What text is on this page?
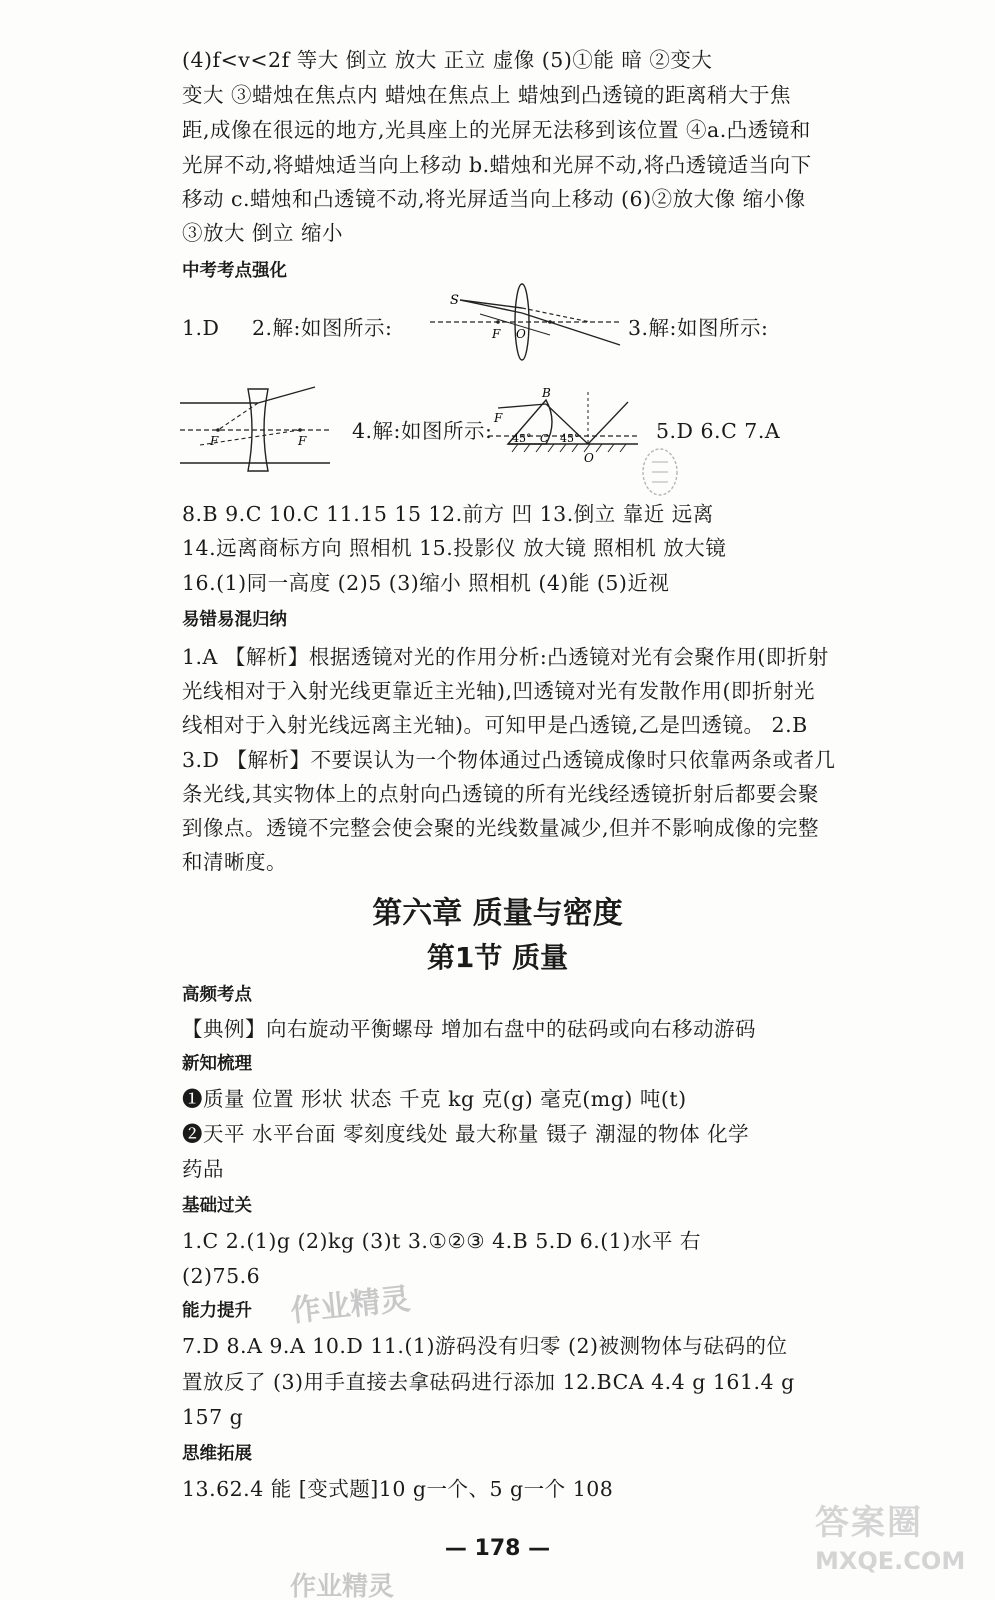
(4)f<v<2f 等大 倒立 放大 正立 虚像 (5)①能 暗 ②变大
变大 ③蜡烛在焦点内 蜡烛在焦点上 蜡烛到凸透镜的距离稍大于焦
距,成像在很远的地方,光具座上的光屏无法移到该位置 ④a.凸透镜和
光屏不动,将蜡烛适当向上移动 b.蜡烛和光屏不动,将凸透镜适当向下
移动 c.蜡烛和凸透镜不动,将光屏适当向上移动 (6)②放大像 缩小像
③放大 倒立 缩小
中考考点强化
1.D 2.解:如图所示:	3.解:如图所示:
S
F O
F	F 4.解:如图所示:
F
B
45° C 45°
O
5.D 6.C 7.A
8.B 9.C 10.C 11.15 15 12.前方 凹 13.倒立 靠近 远离
14.远离商标方向 照相机 15.投影仪 放大镜 照相机 放大镜
16.(1)同一高度 (2)5 (3)缩小 照相机 (4)能 (5)近视
易错易混归纳
1.A 【解析】根据透镜对光的作用分析:凸透镜对光有会聚作用(即折射
光线相对于入射光线更靠近主光轴),凹透镜对光有发散作用(即折射光
线相对于入射光线远离主光轴)。可知甲是凸透镜,乙是凹透镜。 2.B
3.D 【解析】不要误认为一个物体通过凸透镜成像时只依靠两条或者几
条光线,其实物体上的点射向凸透镜的所有光线经透镜折射后都要会聚
到像点。透镜不完整会使会聚的光线数量减少,但并不影响成像的完整
和清晰度。
第六章 质量与密度
第1节 质量
高频考点
【典例】向右旋动平衡螺母 增加右盘中的砝码或向右移动游码
新知梳理
❶质量 位置 形状 状态 千克 kg 克(g) 毫克(mg) 吨(t)
❷天平 水平台面 零刻度线处 最大称量 镊子 潮湿的物体 化学
药品
基础过关
1.C 2.(1)g (2)kg (3)t 3.①②③ 4.B 5.D 6.(1)水平 右
(2)75.6
能力提升
7.D 8.A 9.A 10.D 11.(1)游码没有归零 (2)被测物体与砝码的位
置放反了 (3)用手直接去拿砝码进行添加 12.BCA 4.4 g 161.4 g
157 g
思维拓展
13.62.4 能 [变式题]10 g一个、5 g一个 108
— 178 —
作业精灵
作业精灵
答案圈
MXQE.COM
